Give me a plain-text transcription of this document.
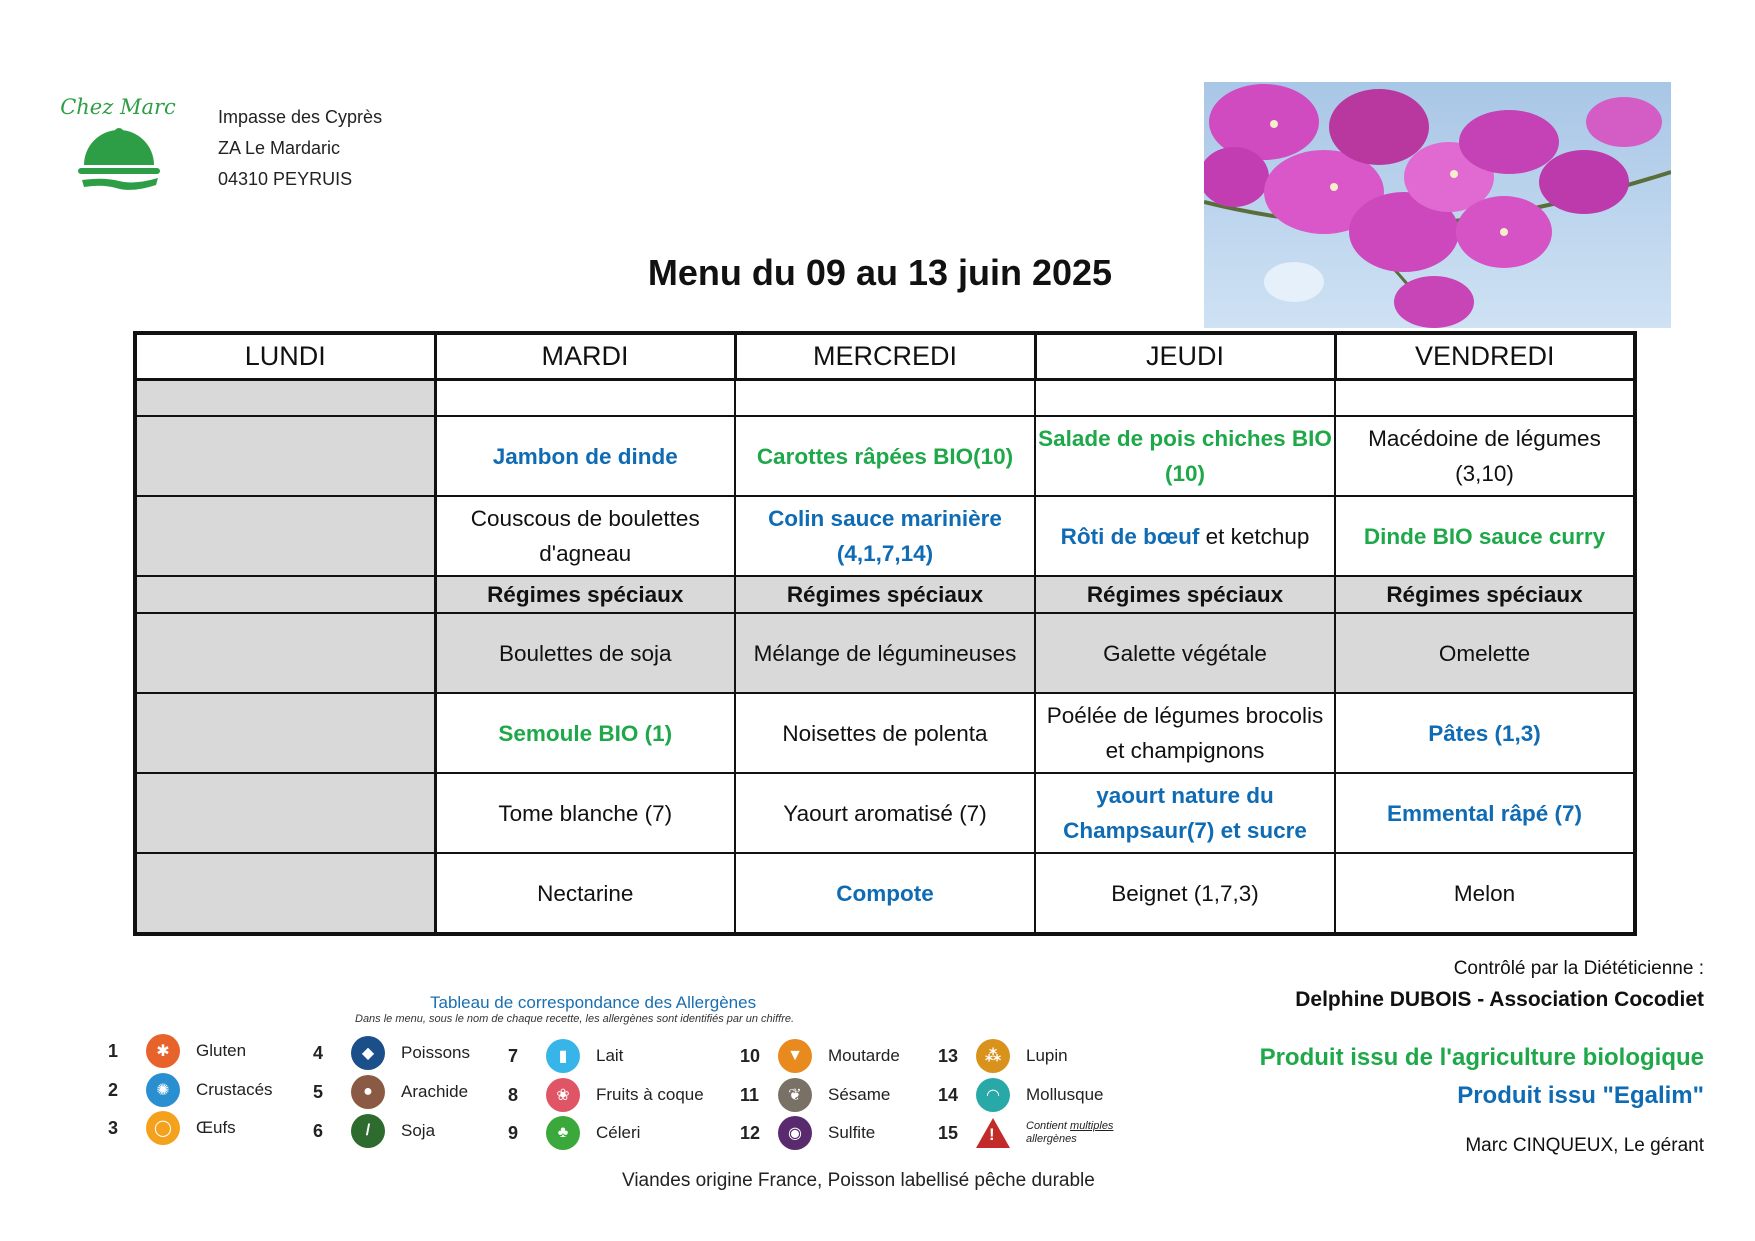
Chez Marc Impasse des Cyprès
ZA Le Mardaric
04310 PEYRUIS
Menu du 09 au 13 juin 2025
LUNDI	MARDI	MERCREDI	JEUDI	VENDREDI

	Jambon de dinde	Carottes râpées BIO(10)	Salade de pois chiches BIO (10)	Macédoine de légumes (3,10)
	Couscous de boulettes d'agneau	Colin sauce marinière (4,1,7,14)	Rôti de bœuf et ketchup	Dinde BIO sauce curry
	Régimes spéciaux	Régimes spéciaux	Régimes spéciaux	Régimes spéciaux
	Boulettes de soja	Mélange de légumineuses	Galette végétale	Omelette
	Semoule BIO (1)	Noisettes de polenta	Poélée de légumes brocolis et champignons	Pâtes (1,3)
	Tome blanche (7)	Yaourt aromatisé (7)	yaourt nature du Champsaur(7) et sucre	Emmental râpé (7)
	Nectarine	Compote	Beignet (1,7,3)	Melon
Tableau de correspondance des Allergènes
Dans le menu, sous le nom de chaque recette, les allergènes sont identifiés par un chiffre.
1	✱	Gluten
2	✺	Crustacés
3	◯	Œufs
4	◆	Poissons
5	●	Arachide
6	/	Soja
7	▮	Lait
8	❀	Fruits à coque
9	♣	Céleri
10	▼	Moutarde
11	❦	Sésame
12	◉	Sulfite
13	⁂	Lupin
14	◠	Mollusque
15	!	Contient multiples
allergènes
Viandes origine France, Poisson labellisé pêche durable
Contrôlé par la Diététicienne :
Delphine DUBOIS - Association Cocodiet
Produit issu de l'agriculture biologique
Produit issu "Egalim"
Marc CINQUEUX, Le gérant
